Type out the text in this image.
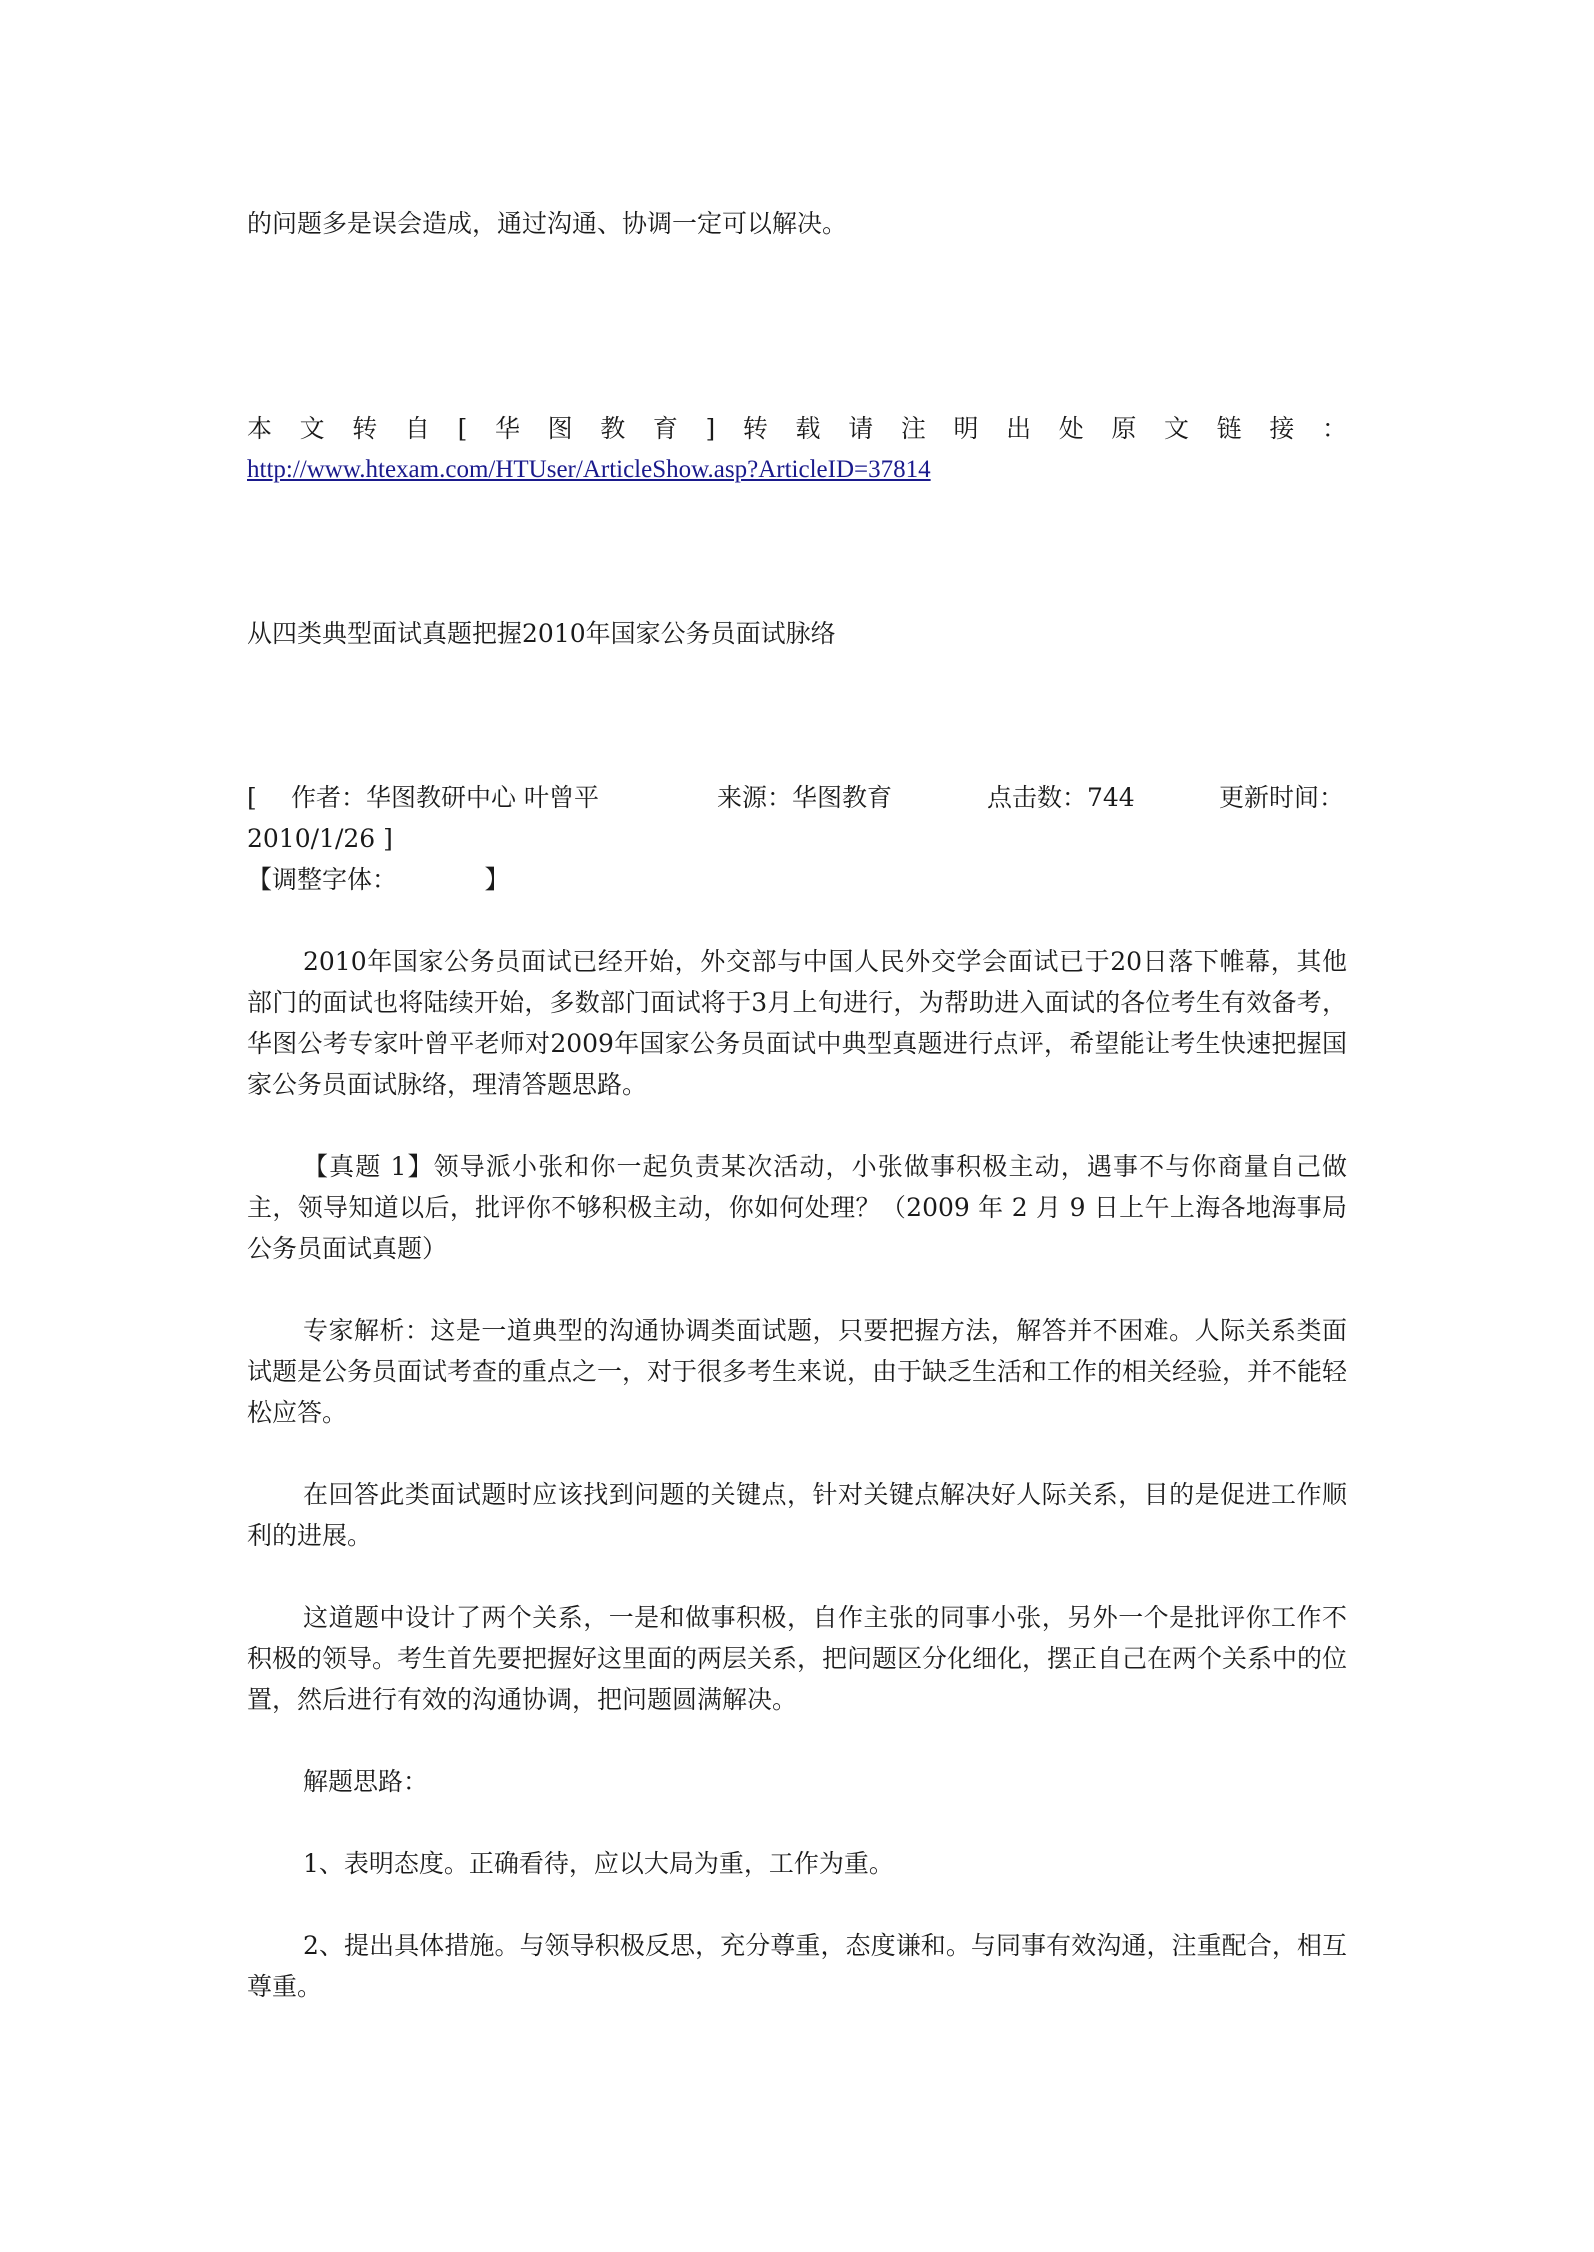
的问题多是误会造成，通过沟通、协调一定可以解决。

本 文 转 自 [ 华 图 教 育 ] 转 载 请 注 明 出 处 原 文 链 接 ：
http://www.htexam.com/HTUser/ArticleShow.asp?ArticleID=37814

从四类典型面试真题把握2010年国家公务员面试脉络

[ 作者：华图教研中心 叶曾平	来源：华图教育	点击数：744	更新时间：
2010/1/26 ]
【调整字体：　　　　】

2010年国家公务员面试已经开始，外交部与中国人民外交学会面试已于20日落下帷幕，其他部门的面试也将陆续开始，多数部门面试将于3月上旬进行，为帮助进入面试的各位考生有效备考，华图公考专家叶曾平老师对2009年国家公务员面试中典型真题进行点评，希望能让考生快速把握国家公务员面试脉络，理清答题思路。

【真题 1】领导派小张和你一起负责某次活动，小张做事积极主动，遇事不与你商量自己做主，领导知道以后，批评你不够积极主动，你如何处理？（2009 年 2 月 9 日上午上海各地海事局公务员面试真题）

专家解析：这是一道典型的沟通协调类面试题，只要把握方法，解答并不困难。人际关系类面试题是公务员面试考查的重点之一，对于很多考生来说，由于缺乏生活和工作的相关经验，并不能轻松应答。

在回答此类面试题时应该找到问题的关键点，针对关键点解决好人际关系，目的是促进工作顺利的进展。

这道题中设计了两个关系，一是和做事积极，自作主张的同事小张，另外一个是批评你工作不积极的领导。考生首先要把握好这里面的两层关系，把问题区分化细化，摆正自己在两个关系中的位置，然后进行有效的沟通协调，把问题圆满解决。

解题思路：

1、表明态度。正确看待，应以大局为重，工作为重。

2、提出具体措施。与领导积极反思，充分尊重，态度谦和。与同事有效沟通，注重配合，相互尊重。
